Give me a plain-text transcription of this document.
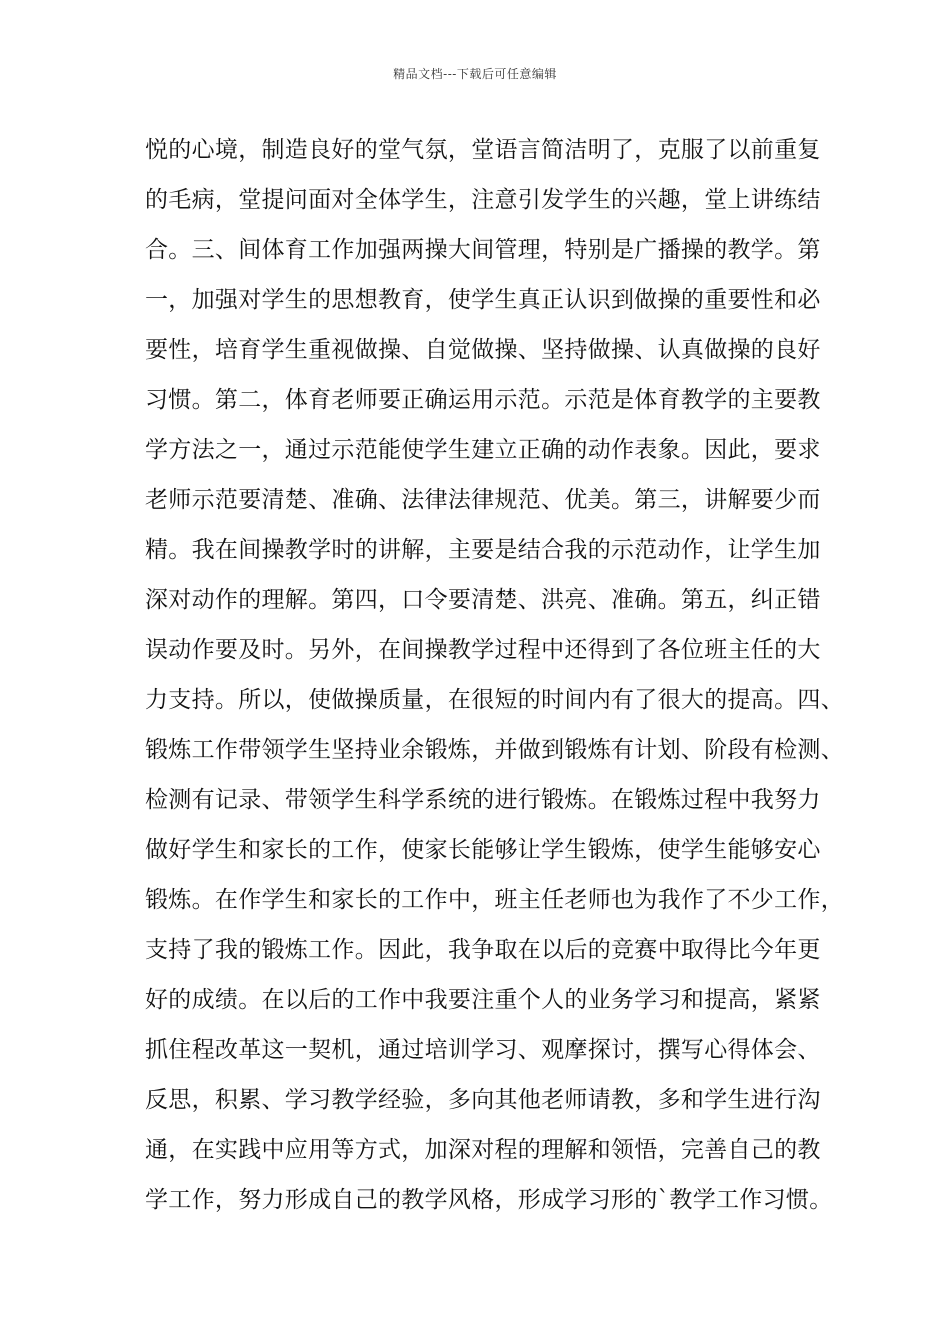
精品文档---下载后可任意编辑
悦的心境，制造良好的堂气氛，堂语言简洁明了，克服了以前重复
的毛病，堂提问面对全体学生，注意引发学生的兴趣，堂上讲练结
合。三、间体育工作加强两操大间管理，特别是广播操的教学。第
一，加强对学生的思想教育，使学生真正认识到做操的重要性和必
要性，培育学生重视做操、自觉做操、坚持做操、认真做操的良好
习惯。第二，体育老师要正确运用示范。示范是体育教学的主要教
学方法之一，通过示范能使学生建立正确的动作表象。因此，要求
老师示范要清楚、准确、法律法律规范、优美。第三，讲解要少而
精。我在间操教学时的讲解，主要是结合我的示范动作，让学生加
深对动作的理解。第四，口令要清楚、洪亮、准确。第五，纠正错
误动作要及时。另外，在间操教学过程中还得到了各位班主任的大
力支持。所以，使做操质量，在很短的时间内有了很大的提高。四、
锻炼工作带领学生坚持业余锻炼，并做到锻炼有计划、阶段有检测、
检测有记录、带领学生科学系统的进行锻炼。在锻炼过程中我努力
做好学生和家长的工作，使家长能够让学生锻炼，使学生能够安心
锻炼。在作学生和家长的工作中，班主任老师也为我作了不少工作，
支持了我的锻炼工作。因此，我争取在以后的竞赛中取得比今年更
好的成绩。在以后的工作中我要注重个人的业务学习和提高，紧紧
抓住程改革这一契机，通过培训学习、观摩探讨，撰写心得体会、
反思，积累、学习教学经验，多向其他老师请教，多和学生进行沟
通，在实践中应用等方式，加深对程的理解和领悟，完善自己的教
学工作，努力形成自己的教学风格，形成学习形的`教学工作习惯。
